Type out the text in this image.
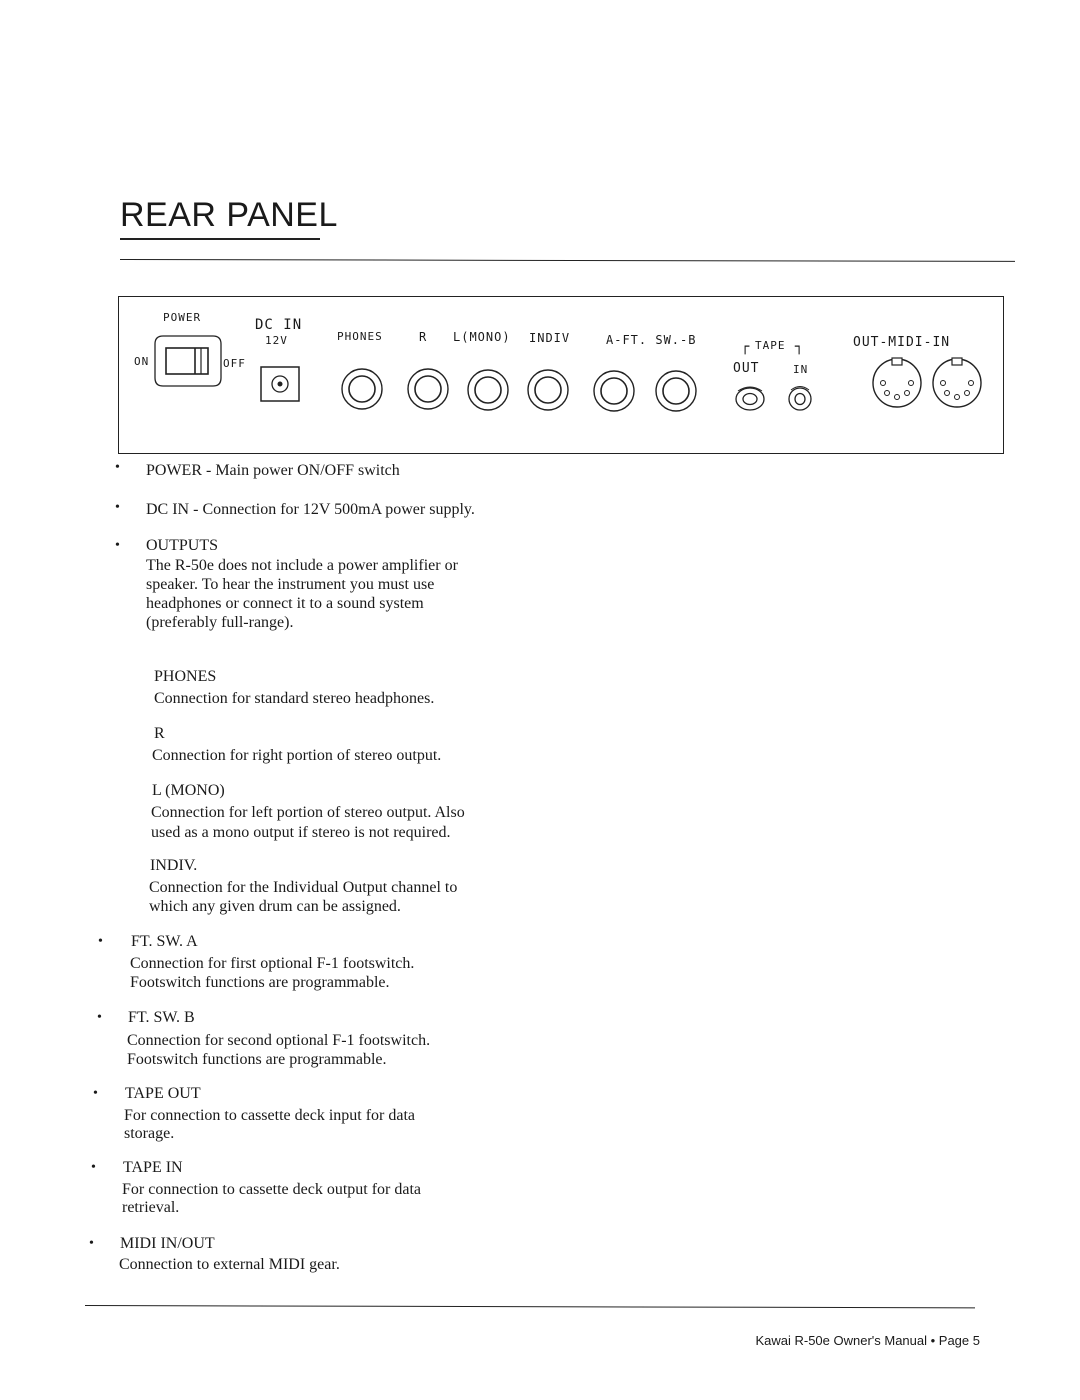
REAR PANEL
POWER
ON	OFF
DC IN
12V	PHONES	R L(MONO) INDIV	A-FT. SW.-B	┌ TAPE ┐
OUT	IN
OUT-MIDI-IN
• POWER - Main power ON/OFF switch
• DC IN - Connection for 12V 500mA power supply.
• OUTPUTS
The R-50e does not include a power amplifier or
speaker. To hear the instrument you must use
headphones or connect it to a sound system
(preferably full-range).
PHONES
Connection for standard stereo headphones.
R
Connection for right portion of stereo output.
L (MONO)
Connection for left portion of stereo output. Also
used as a mono output if stereo is not required.
INDIV.
Connection for the Individual Output channel to
which any given drum can be assigned.
• FT. SW. A
Connection for first optional F-1 footswitch.
Footswitch functions are programmable.
• FT. SW. B
Connection for second optional F-1 footswitch.
Footswitch functions are programmable.
• TAPE OUT
For connection to cassette deck input for data
storage.
• TAPE IN
For connection to cassette deck output for data
retrieval.
• MIDI IN/OUT
Connection to external MIDI gear.
Kawai R-50e Owner's Manual • Page 5
